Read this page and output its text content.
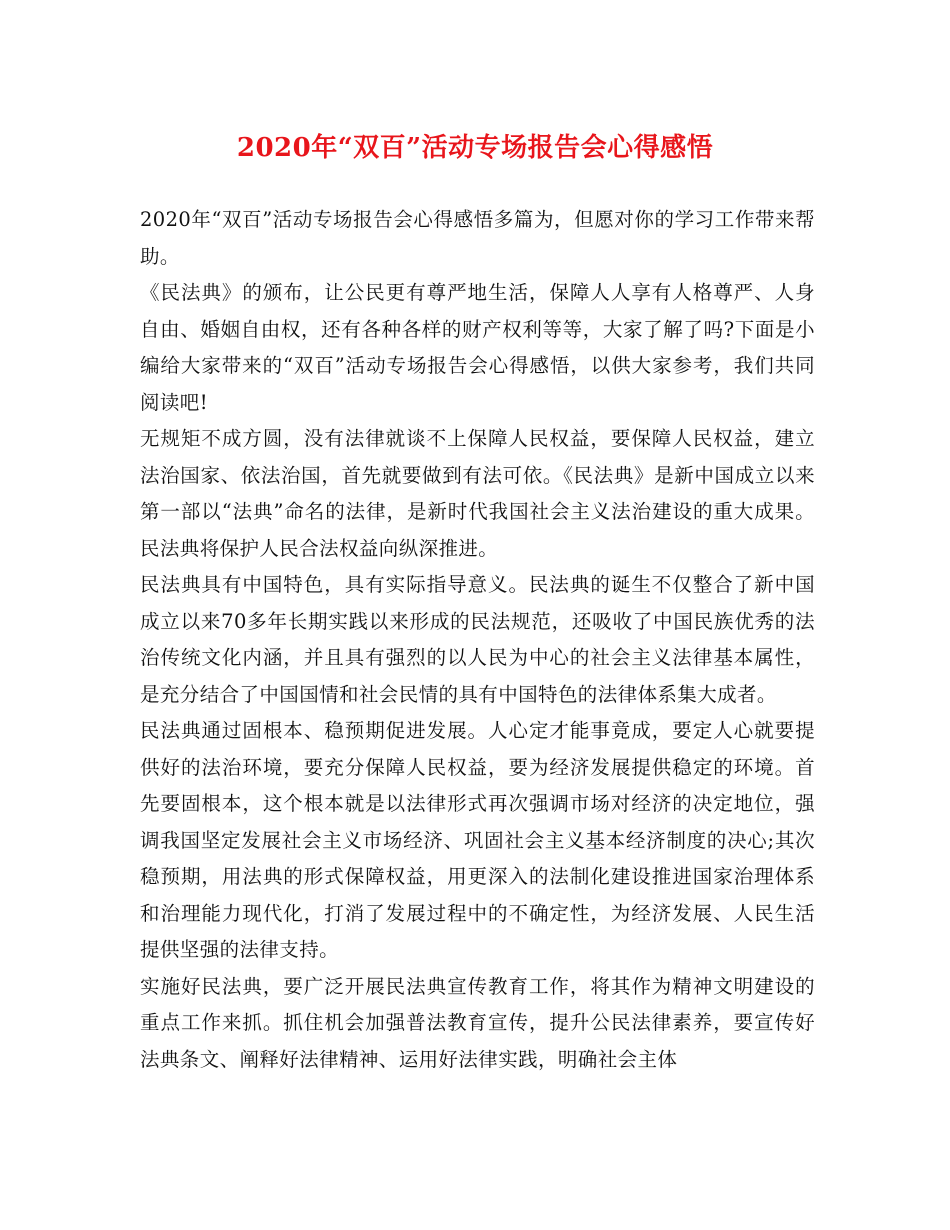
2020年“双百”活动专场报告会心得感悟

2020年“双百”活动专场报告会心得感悟多篇为，但愿对你的学习工作带来帮助。

《民法典》的颁布，让公民更有尊严地生活，保障人人享有人格尊严、人身自由、婚姻自由权，还有各种各样的财产权利等等，大家了解了吗?下面是小编给大家带来的“双百”活动专场报告会心得感悟，以供大家参考，我们共同阅读吧!

无规矩不成方圆，没有法律就谈不上保障人民权益，要保障人民权益，建立法治国家、依法治国，首先就要做到有法可依。《民法典》是新中国成立以来第一部以“法典”命名的法律，是新时代我国社会主义法治建设的重大成果。民法典将保护人民合法权益向纵深推进。

民法典具有中国特色，具有实际指导意义。民法典的诞生不仅整合了新中国成立以来70多年长期实践以来形成的民法规范，还吸收了中国民族优秀的法治传统文化内涵，并且具有强烈的以人民为中心的社会主义法律基本属性，是充分结合了中国国情和社会民情的具有中国特色的法律体系集大成者。

民法典通过固根本、稳预期促进发展。人心定才能事竟成，要定人心就要提供好的法治环境，要充分保障人民权益，要为经济发展提供稳定的环境。首先要固根本，这个根本就是以法律形式再次强调市场对经济的决定地位，强调我国坚定发展社会主义市场经济、巩固社会主义基本经济制度的决心;其次稳预期，用法典的形式保障权益，用更深入的法制化建设推进国家治理体系和治理能力现代化，打消了发展过程中的不确定性，为经济发展、人民生活提供坚强的法律支持。

实施好民法典，要广泛开展民法典宣传教育工作，将其作为精神文明建设的重点工作来抓。抓住机会加强普法教育宣传，提升公民法律素养，要宣传好法典条文、阐释好法律精神、运用好法律实践，明确社会主体
